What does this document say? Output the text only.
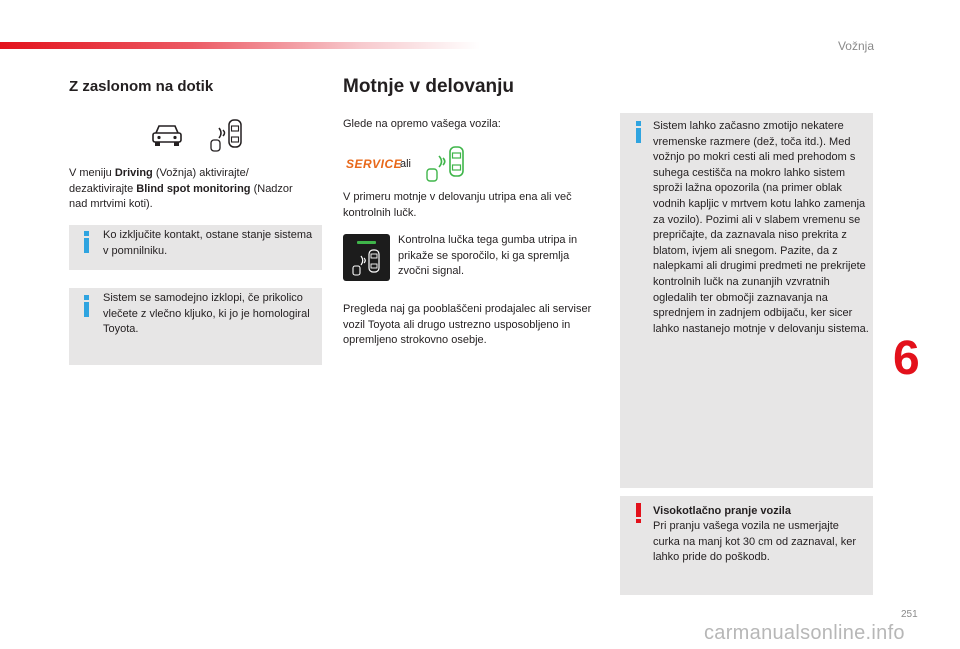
Vožnja
Z zaslonom na dotik

V meniju Driving (Vožnja) aktivirajte/ dezaktivirajte Blind spot monitoring (Nadzor nad mrtvimi koti).

Ko izključite kontakt, ostane stanje sistema v pomnilniku.

Sistem se samodejno izklopi, če prikolico vlečete z vlečno kljuko, ki jo je homologiral Toyota.

Motnje v delovanju

Glede na opremo vašega vozila:

SERVICE
ali

V primeru motnje v delovanju utripa ena ali več kontrolnih lučk.

Kontrolna lučka tega gumba utripa in prikaže se sporočilo, ki ga spremlja zvočni signal.

Pregleda naj ga pooblaščeni prodajalec ali serviser vozil Toyota ali drugo ustrezno usposobljeno in opremljeno strokovno osebje.

Sistem lahko začasno zmotijo nekatere vremenske razmere (dež, toča itd.). Med vožnjo po mokri cesti ali med prehodom s suhega cestišča na mokro lahko sistem sproži lažna opozorila (na primer oblak vodnih kapljic v mrtvem kotu lahko zamenja za vozilo). Pozimi ali v slabem vremenu se prepričajte, da zaznavala niso prekrita z blatom, ivjem ali snegom. Pazite, da z nalepkami ali drugimi predmeti ne prekrijete kontrolnih lučk na zunanjih vzvratnih ogledalih ter območji zaznavanja na sprednjem in zadnjem odbijaču, ker sicer lahko nastanejo motnje v delovanju sistema.

Visokotlačno pranje vozila

Pri pranju vašega vozila ne usmerjajte curka na manj kot 30 cm od zaznaval, ker lahko pride do poškodb.

6
251
carmanualsonline.info
